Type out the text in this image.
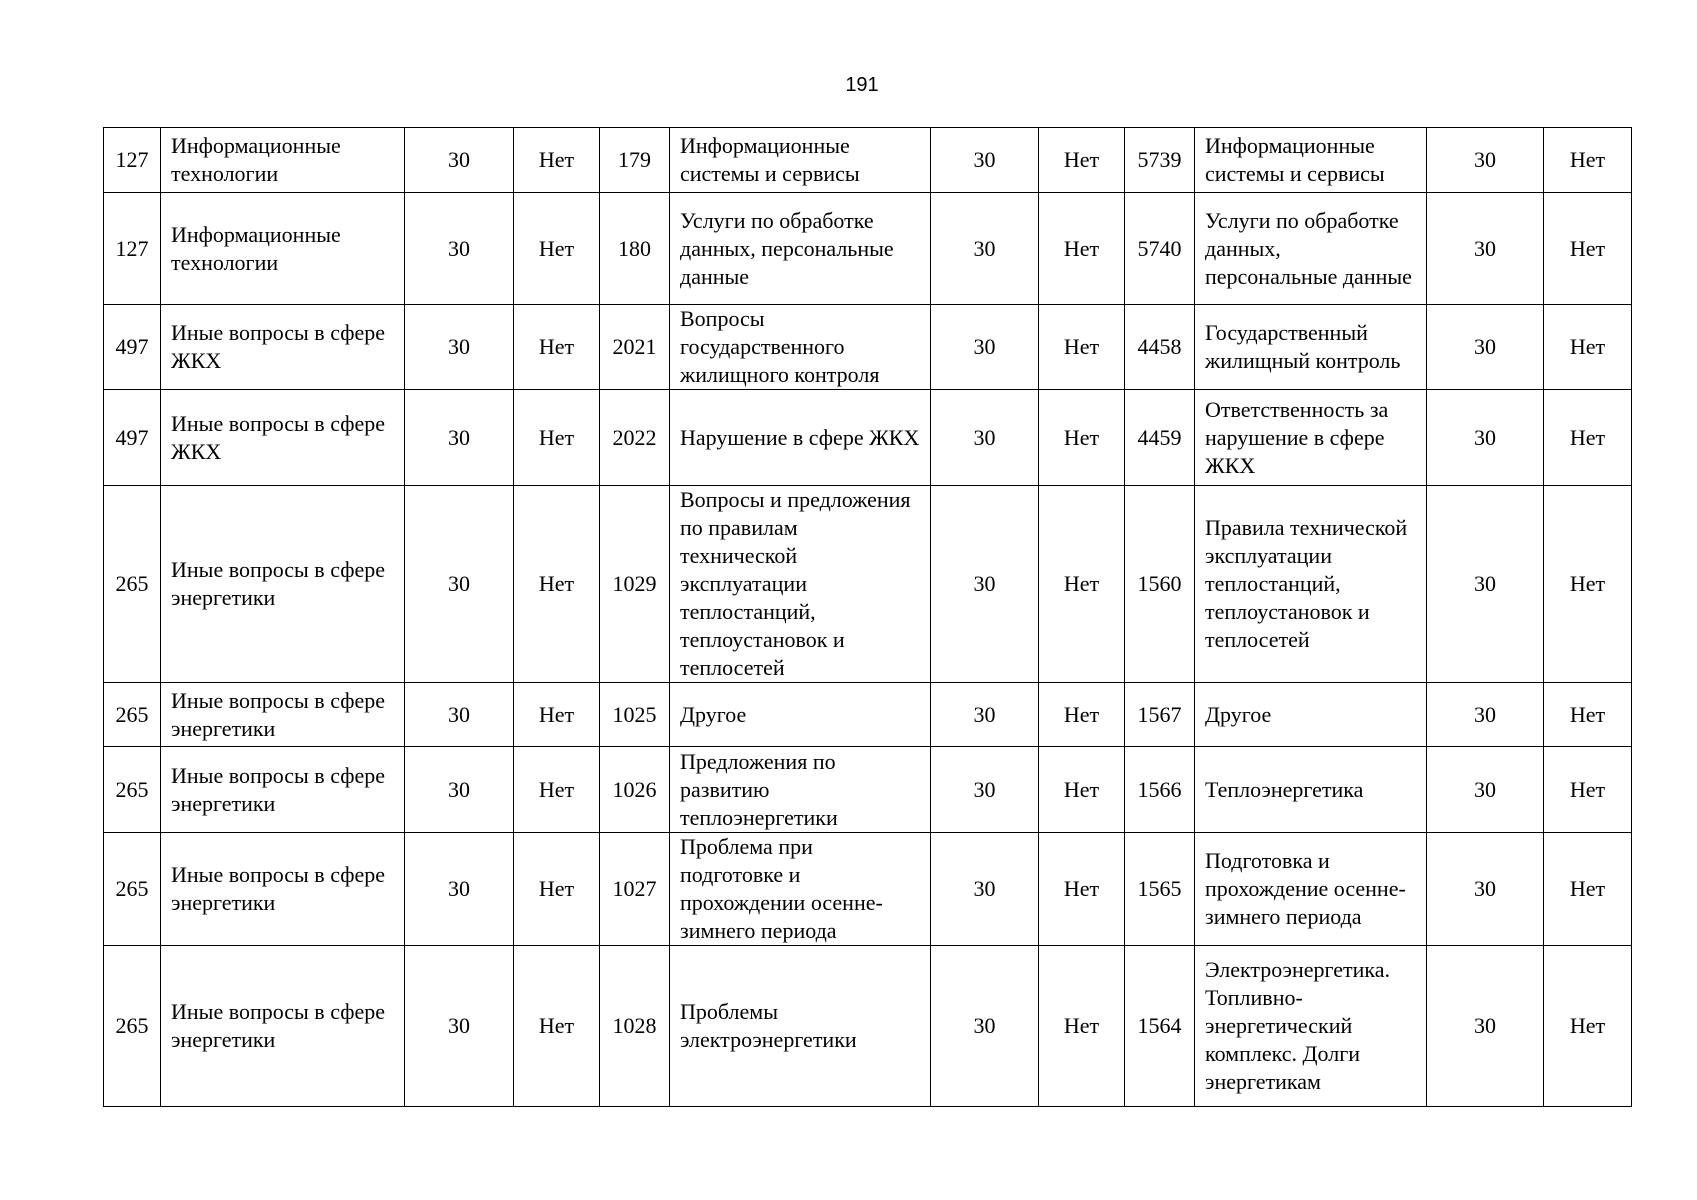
191
127	Информационные технологии	30	Нет	179	Информационные системы и сервисы	30	Нет	5739	Информационные системы и сервисы	30	Нет
127	Информационные технологии	30	Нет	180	Услуги по обработке данных, персональные данные	30	Нет	5740	Услуги по обработке данных, персональные данные	30	Нет
497	Иные вопросы в сфере ЖКХ	30	Нет	2021	Вопросы государственного жилищного контроля	30	Нет	4458	Государственный жилищный контроль	30	Нет
497	Иные вопросы в сфере ЖКХ	30	Нет	2022	Нарушение в сфере ЖКХ	30	Нет	4459	Ответственность за нарушение в сфере ЖКХ	30	Нет
265	Иные вопросы в сфере энергетики	30	Нет	1029	Вопросы и предложения по правилам технической эксплуатации теплостанций, теплоустановок и теплосетей	30	Нет	1560	Правила технической эксплуатации теплостанций, теплоустановок и теплосетей	30	Нет
265	Иные вопросы в сфере энергетики	30	Нет	1025	Другое	30	Нет	1567	Другое	30	Нет
265	Иные вопросы в сфере энергетики	30	Нет	1026	Предложения по развитию теплоэнергетики	30	Нет	1566	Теплоэнергетика	30	Нет
265	Иные вопросы в сфере энергетики	30	Нет	1027	Проблема при подготовке и прохождении осенне-зимнего периода	30	Нет	1565	Подготовка и прохождение осенне-зимнего периода	30	Нет
265	Иные вопросы в сфере энергетики	30	Нет	1028	Проблемы электроэнергетики	30	Нет	1564	Электроэнергетика. Топливно-энергетический комплекс. Долги энергетикам	30	Нет
